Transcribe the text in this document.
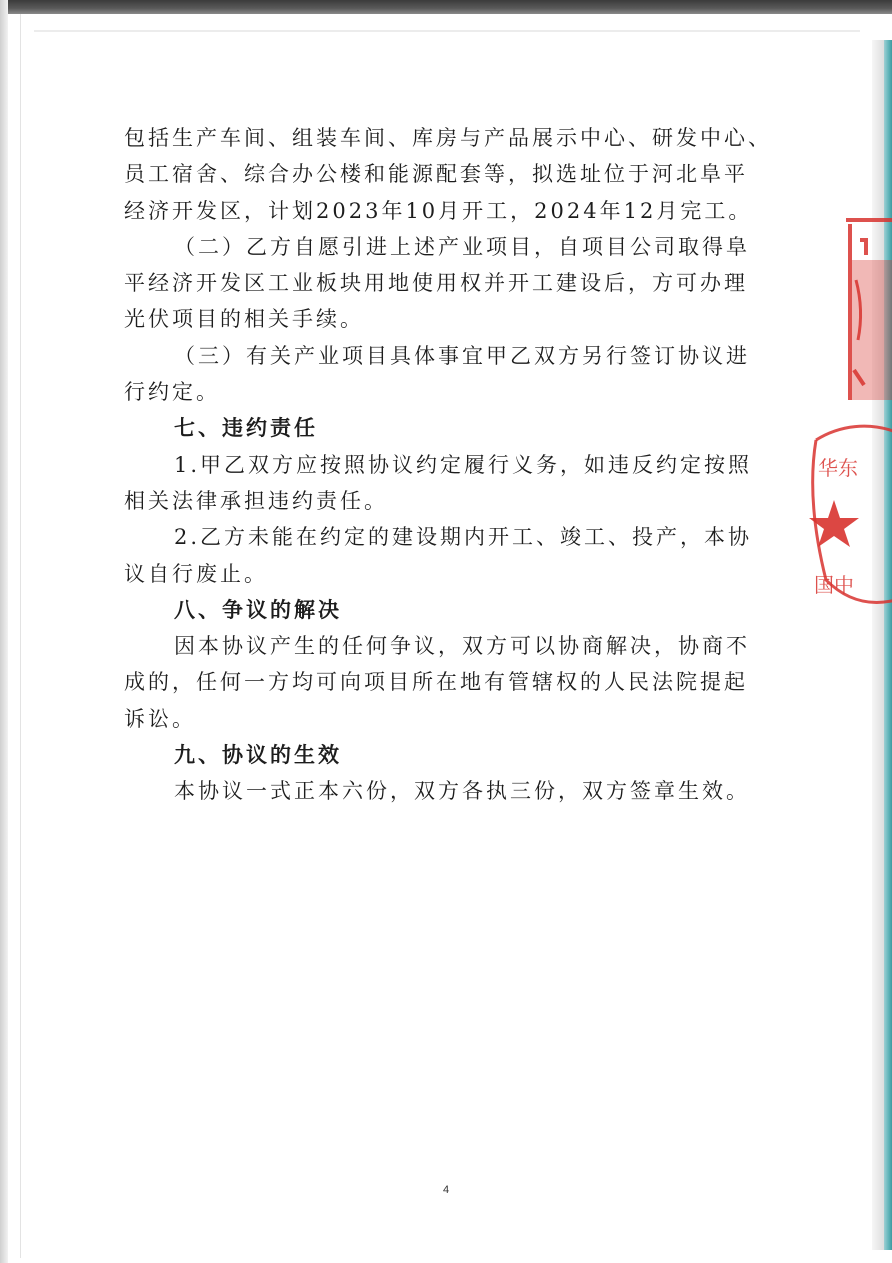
包括生产车间、组装车间、库房与产品展示中心、研发中心、
员工宿舍、综合办公楼和能源配套等，拟选址位于河北阜平
经济开发区，计划2023年10月开工，2024年12月完工。
（二）乙方自愿引进上述产业项目，自项目公司取得阜
平经济开发区工业板块用地使用权并开工建设后，方可办理
光伏项目的相关手续。
（三）有关产业项目具体事宜甲乙双方另行签订协议进
行约定。
七、违约责任
1.甲乙双方应按照协议约定履行义务，如违反约定按照
相关法律承担违约责任。
2.乙方未能在约定的建设期内开工、竣工、投产，本协
议自行废止。
八、争议的解决
因本协议产生的任何争议，双方可以协商解决，协商不
成的，任何一方均可向项目所在地有管辖权的人民法院提起
诉讼。
九、协议的生效
本协议一式正本六份，双方各执三份，双方签章生效。
华东
国中
4
